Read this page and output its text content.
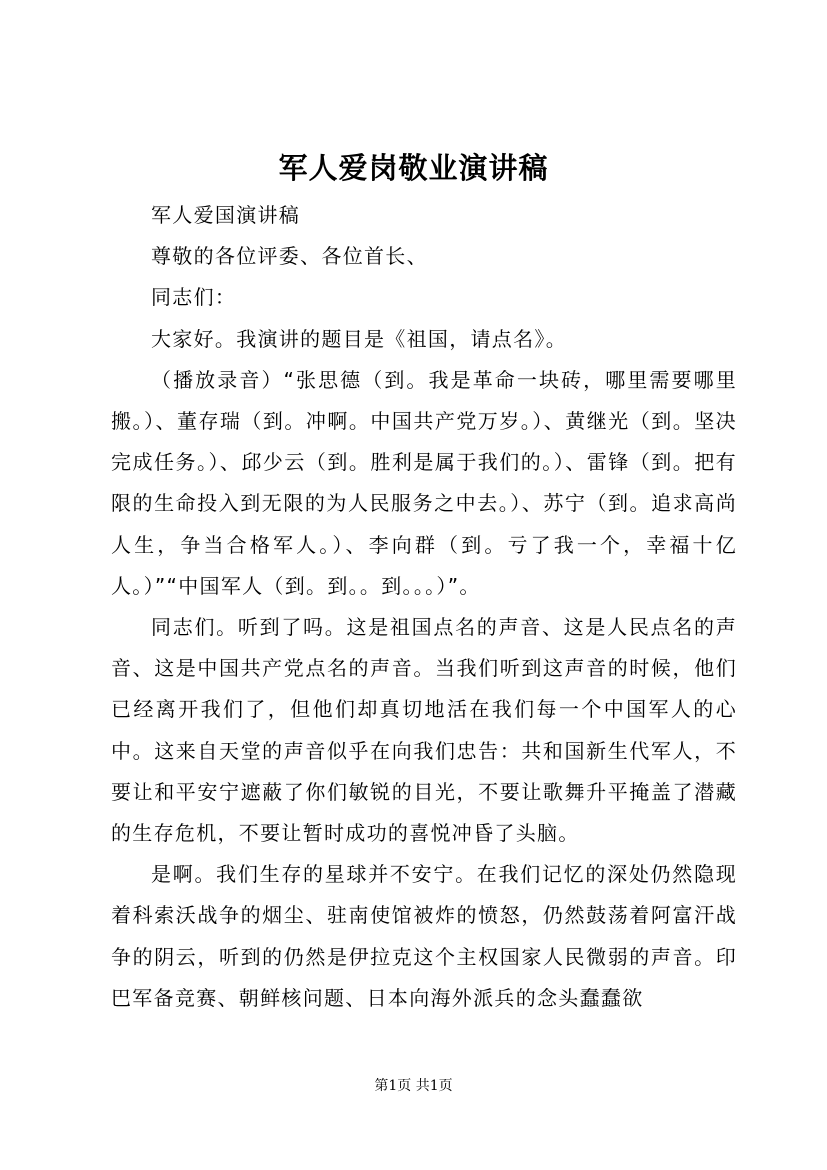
军人爱岗敬业演讲稿

军人爱国演讲稿

尊敬的各位评委、各位首长、

同志们：

大家好。我演讲的题目是《祖国，请点名》。

（播放录音）“张思德（到。我是革命一块砖，哪里需要哪里搬。）、董存瑞（到。冲啊。中国共产党万岁。）、黄继光（到。坚决完成任务。）、邱少云（到。胜利是属于我们的。）、雷锋（到。把有限的生命投入到无限的为人民服务之中去。）、苏宁（到。追求高尚人生，争当合格军人。）、李向群（到。亏了我一个，幸福十亿人。）”“中国军人（到。到。。到。。。）”。

同志们。听到了吗。这是祖国点名的声音、这是人民点名的声音、这是中国共产党点名的声音。当我们听到这声音的时候，他们已经离开我们了，但他们却真切地活在我们每一个中国军人的心中。这来自天堂的声音似乎在向我们忠告：共和国新生代军人，不要让和平安宁遮蔽了你们敏锐的目光，不要让歌舞升平掩盖了潜藏的生存危机，不要让暂时成功的喜悦冲昏了头脑。

是啊。我们生存的星球并不安宁。在我们记忆的深处仍然隐现着科索沃战争的烟尘、驻南使馆被炸的愤怒，仍然鼓荡着阿富汗战争的阴云，听到的仍然是伊拉克这个主权国家人民微弱的声音。印巴军备竞赛、朝鲜核问题、日本向海外派兵的念头蠢蠢欲

第1页 共1页
